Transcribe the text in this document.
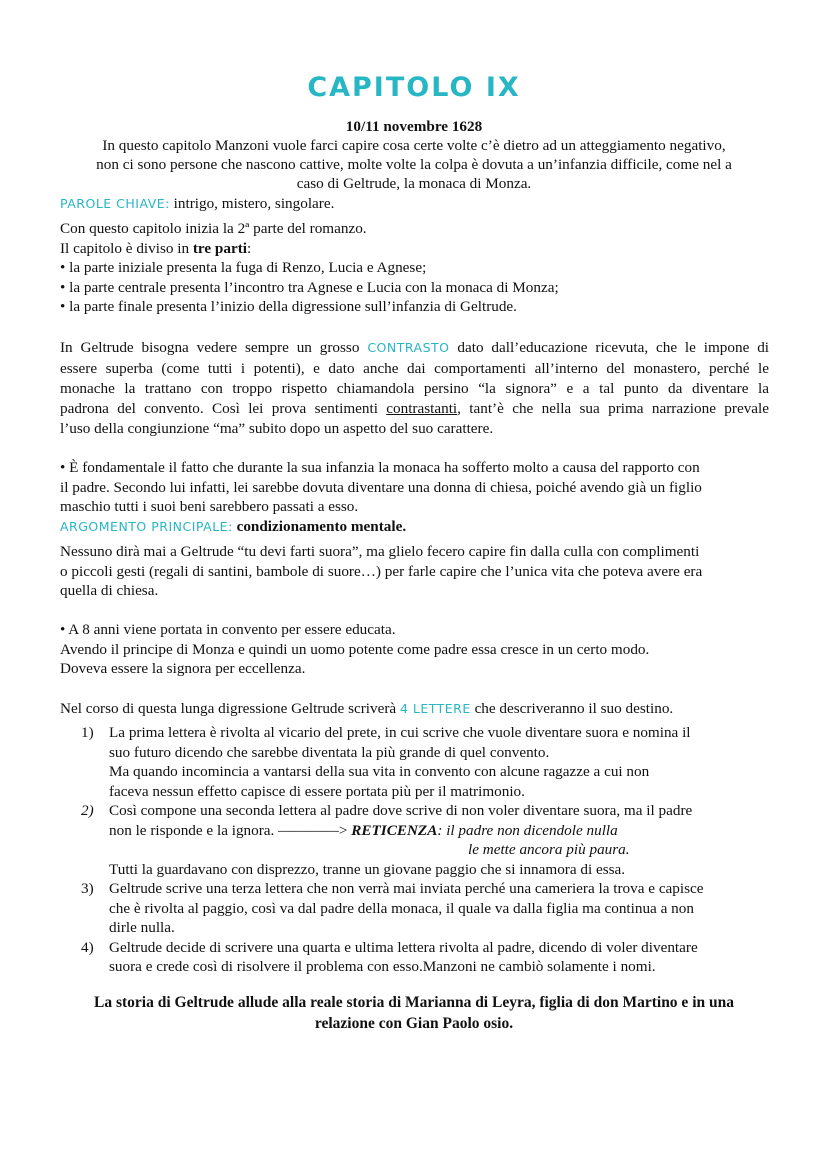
CAPITOLO IX
10/11 novembre 1628
In questo capitolo Manzoni vuole farci capire cosa certe volte c’è dietro ad un atteggiamento negativo,
non ci sono persone che nascono cattive, molte volte la colpa è dovuta a un’infanzia difficile, come nel a
caso di Geltrude, la monaca di Monza.
PAROLE CHIAVE: intrigo, mistero, singolare.
Con questo capitolo inizia la 2ª parte del romanzo.
Il capitolo è diviso in tre parti:
• la parte iniziale presenta la fuga di Renzo, Lucia e Agnese;
• la parte centrale presenta l’incontro tra Agnese e Lucia con la monaca di Monza;
• la parte finale presenta l’inizio della digressione sull’infanzia di Geltrude.
In Geltrude bisogna vedere sempre un grosso CONTRASTO dato dall’educazione ricevuta, che le impone di
essere superba (come tutti i potenti), e dato anche dai comportamenti all’interno del monastero, perché le
monache la trattano con troppo rispetto chiamandola persino “la signora” e a tal punto da diventare la
padrona del convento. Così lei prova sentimenti contrastanti, tant’è che nella sua prima narrazione prevale
l’uso della congiunzione “ma” subito dopo un aspetto del suo carattere.
• È fondamentale il fatto che durante la sua infanzia la monaca ha sofferto molto a causa del rapporto con
il padre. Secondo lui infatti, lei sarebbe dovuta diventare una donna di chiesa, poiché avendo già un figlio
maschio tutti i suoi beni sarebbero passati a esso.
ARGOMENTO PRINCIPALE: condizionamento mentale.
Nessuno dirà mai a Geltrude “tu devi farti suora”, ma glielo fecero capire fin dalla culla con complimenti
o piccoli gesti (regali di santini, bambole di suore…) per farle capire che l’unica vita che poteva avere era
quella di chiesa.
• A 8 anni viene portata in convento per essere educata.
Avendo il principe di Monza e quindi un uomo potente come padre essa cresce in un certo modo.
Doveva essere la signora per eccellenza.
Nel corso di questa lunga digressione Geltrude scriverà 4 LETTERE che descriveranno il suo destino.
1) La prima lettera è rivolta al vicario del prete, in cui scrive che vuole diventare suora e nomina il
suo futuro dicendo che sarebbe diventata la più grande di quel convento.
Ma quando incomincia a vantarsi della sua vita in convento con alcune ragazze a cui non
faceva nessun effetto capisce di essere portata più per il matrimonio.
2) Così compone una seconda lettera al padre dove scrive di non voler diventare suora, ma il padre
non le risponde e la ignora. ————> RETICENZA: il padre non dicendole nulla
le mette ancora più paura.
Tutti la guardavano con disprezzo, tranne un giovane paggio che si innamora di essa.
3) Geltrude scrive una terza lettera che non verrà mai inviata perché una cameriera la trova e capisce
che è rivolta al paggio, così va dal padre della monaca, il quale va dalla figlia ma continua a non
dirle nulla.
4) Geltrude decide di scrivere una quarta e ultima lettera rivolta al padre, dicendo di voler diventare
suora e crede così di risolvere il problema con esso.Manzoni ne cambiò solamente i nomi.
La storia di Geltrude allude alla reale storia di Marianna di Leyra, figlia di don Martino e in una
relazione con Gian Paolo osio.
